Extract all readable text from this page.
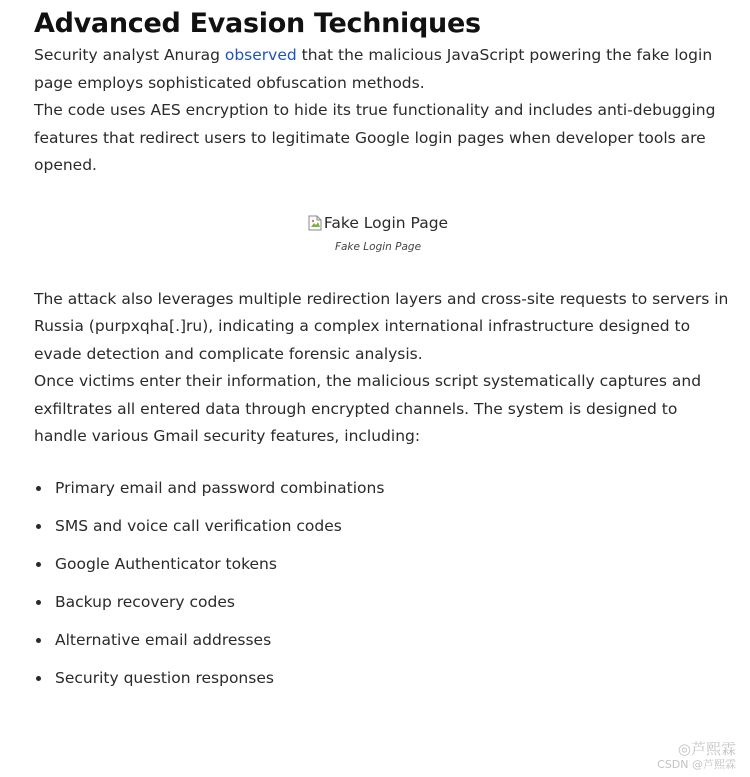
Advanced Evasion Techniques

Security analyst Anurag observed that the malicious JavaScript powering the fake login page employs sophisticated obfuscation methods.

The code uses AES encryption to hide its true functionality and includes anti-debugging features that redirect users to legitimate Google login pages when developer tools are opened.

Fake Login Page
Fake Login Page

The attack also leverages multiple redirection layers and cross-site requests to servers in Russia (purpxqha[.]ru), indicating a complex international infrastructure designed to evade detection and complicate forensic analysis.

Once victims enter their information, the malicious script systematically captures and exfiltrates all entered data through encrypted channels. The system is designed to handle various Gmail security features, including:

Primary email and password combinations
SMS and voice call verification codes
Google Authenticator tokens
Backup recovery codes
Alternative email addresses
Security question responses
◎芦熙霖
CSDN @芦熙霖
